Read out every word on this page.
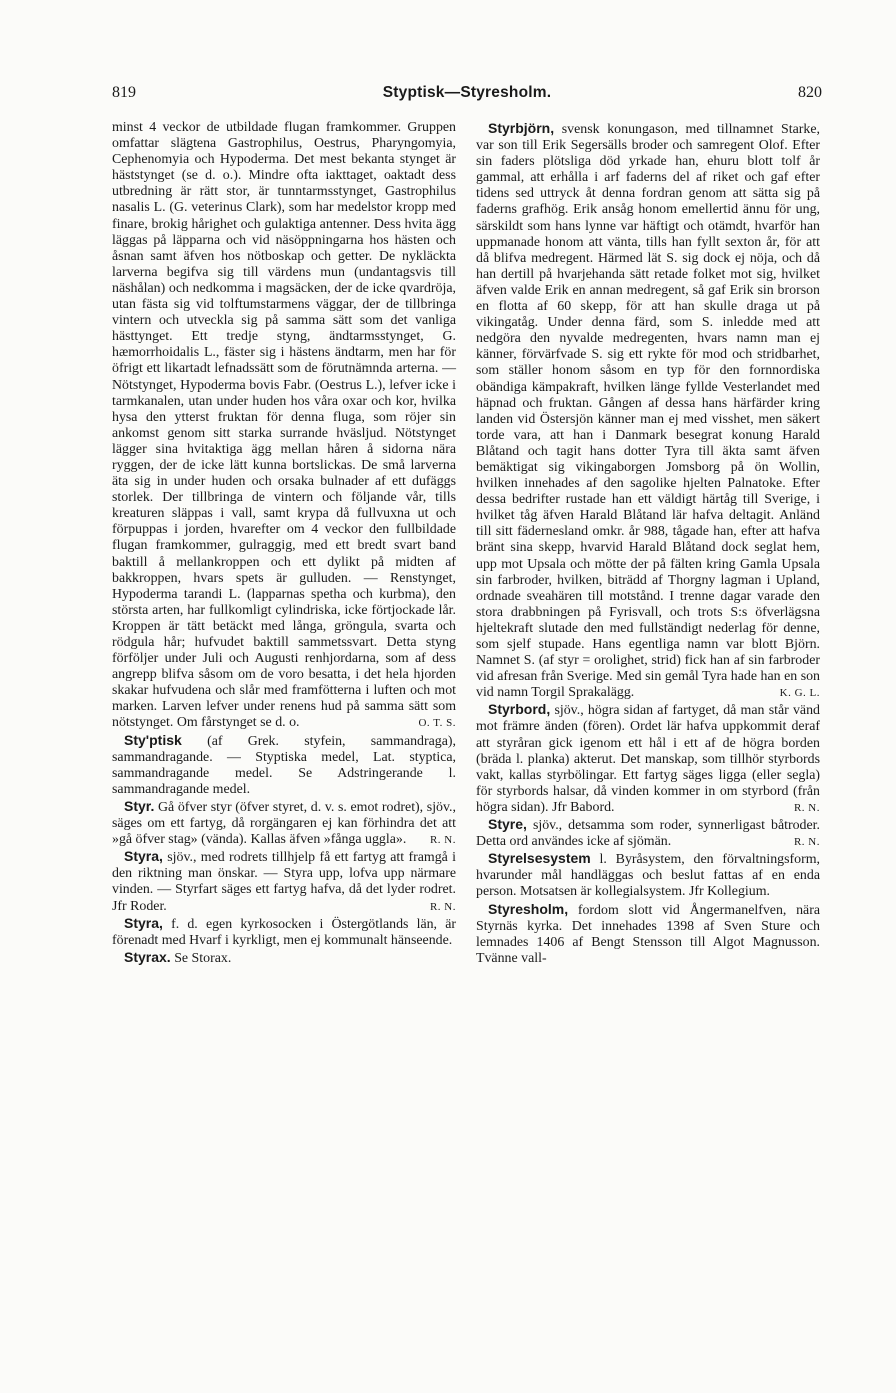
819	Styptisk—Styresholm.	820

minst 4 veckor de utbildade flugan framkommer. Gruppen omfattar slägtena Gastrophilus, Oestrus, Pharyngomyia, Cephenomyia och Hypoderma. Det mest bekanta stynget är häststynget (se d. o.). Mindre ofta iakttaget, oaktadt dess utbredning är rätt stor, är tunntarmsstynget, Gastrophilus nasalis L. (G. veterinus Clark), som har medelstor kropp med finare, brokig hårighet och gulaktiga antenner. Dess hvita ägg läggas på läpparna och vid näsöppningarna hos hästen och åsnan samt äfven hos nötboskap och getter. De nykläckta larverna begifva sig till värdens mun (undantagsvis till näshålan) och nedkomma i magsäcken, der de icke qvardröja, utan fästa sig vid tolftumstarmens väggar, der de tillbringa vintern och utveckla sig på samma sätt som det vanliga hästtynget. Ett tredje styng, ändtarmsstynget, G. hæmorrhoidalis L., fäster sig i hästens ändtarm, men har för öfrigt ett likartadt lefnadssätt som de förutnämnda arterna. — Nötstynget, Hypoderma bovis Fabr. (Oestrus L.), lefver icke i tarmkanalen, utan under huden hos våra oxar och kor, hvilka hysa den ytterst fruktan för denna fluga, som röjer sin ankomst genom sitt starka surrande hväsljud. Nötstynget lägger sina hvitaktiga ägg mellan håren å sidorna nära ryggen, der de icke lätt kunna bortslickas. De små larverna äta sig in under huden och orsaka bulnader af ett dufäggs storlek. Der tillbringa de vintern och följande vår, tills kreaturen släppas i vall, samt krypa då fullvuxna ut och förpuppas i jorden, hvarefter om 4 veckor den fullbildade flugan framkommer, gulraggig, med ett bredt svart band baktill å mellankroppen och ett dylikt på midten af bakkroppen, hvars spets är gulluden. — Renstynget, Hypoderma tarandi L. (lapparnas spetha och kurbma), den största arten, har fullkomligt cylindriska, icke förtjockade lår. Kroppen är tätt betäckt med långa, gröngula, svarta och rödgula hår; hufvudet baktill sammetssvart. Detta styng förföljer under Juli och Augusti renhjordarna, som af dess angrepp blifva såsom om de voro besatta, i det hela hjorden skakar hufvudena och slår med framfötterna i luften och mot marken. Larven lefver under renens hud på samma sätt som nötstynget. Om fårstynget se d. o.	O. T. S.

Sty'ptisk (af Grek. styfein, sammandraga), sammandragande. — Styptiska medel, Lat. styptica, sammandragande medel. Se Adstringerande l. sammandragande medel.

Styr. Gå öfver styr (öfver styret, d. v. s. emot rodret), sjöv., säges om ett fartyg, då rorgängaren ej kan förhindra det att »gå öfver stag» (vända). Kallas äfven »fånga uggla».	R. N.

Styra, sjöv., med rodrets tillhjelp få ett fartyg att framgå i den riktning man önskar. — Styra upp, lofva upp närmare vinden. — Styrfart säges ett fartyg hafva, då det lyder rodret. Jfr Roder.	R. N.

Styra, f. d. egen kyrkosocken i Östergötlands län, är förenadt med Hvarf i kyrkligt, men ej kommunalt hänseende.

Styrax. Se Storax.

Styrbjörn, svensk konungason, med tillnamnet Starke, var son till Erik Segersälls broder och samregent Olof. Efter sin faders plötsliga död yrkade han, ehuru blott tolf år gammal, att erhålla i arf faderns del af riket och gaf efter tidens sed uttryck åt denna fordran genom att sätta sig på faderns grafhög. Erik ansåg honom emellertid ännu för ung, särskildt som hans lynne var häftigt och otämdt, hvarför han uppmanade honom att vänta, tills han fyllt sexton år, för att då blifva medregent. Härmed lät S. sig dock ej nöja, och då han dertill på hvarjehanda sätt retade folket mot sig, hvilket äfven valde Erik en annan medregent, så gaf Erik sin brorson en flotta af 60 skepp, för att han skulle draga ut på vikingatåg. Under denna färd, som S. inledde med att nedgöra den nyvalde medregenten, hvars namn man ej känner, förvärfvade S. sig ett rykte för mod och stridbarhet, som ställer honom såsom en typ för den fornnordiska obändiga kämpakraft, hvilken länge fyllde Vesterlandet med häpnad och fruktan. Gången af dessa hans härfärder kring landen vid Östersjön känner man ej med visshet, men säkert torde vara, att han i Danmark besegrat konung Harald Blåtand och tagit hans dotter Tyra till äkta samt äfven bemäktigat sig vikingaborgen Jomsborg på ön Wollin, hvilken innehades af den sagolike hjelten Palnatoke. Efter dessa bedrifter rustade han ett väldigt härtåg till Sverige, i hvilket tåg äfven Harald Blåtand lär hafva deltagit. Anländ till sitt fädernesland omkr. år 988, tågade han, efter att hafva bränt sina skepp, hvarvid Harald Blåtand dock seglat hem, upp mot Upsala och mötte der på fälten kring Gamla Upsala sin farbroder, hvilken, biträdd af Thorgny lagman i Upland, ordnade sveahären till motstånd. I trenne dagar varade den stora drabbningen på Fyrisvall, och trots S:s öfverlägsna hjeltekraft slutade den med fullständigt nederlag för denne, som sjelf stupade. Hans egentliga namn var blott Björn. Namnet S. (af styr = orolighet, strid) fick han af sin farbroder vid afresan från Sverige. Med sin gemål Tyra hade han en son vid namn Torgil Sprakalägg.	K. G. L.

Styrbord, sjöv., högra sidan af fartyget, då man står vänd mot främre änden (fören). Ordet lär hafva uppkommit deraf att styråran gick igenom ett hål i ett af de högra borden (bräda l. planka) akterut. Det manskap, som tillhör styrbords vakt, kallas styrbölingar. Ett fartyg säges ligga (eller segla) för styrbords halsar, då vinden kommer in om styrbord (från högra sidan). Jfr Babord.	R. N.

Styre, sjöv., detsamma som roder, synnerligast båtroder. Detta ord användes icke af sjömän.	R. N.

Styrelsesystem l. Byråsystem, den förvaltningsform, hvarunder mål handläggas och beslut fattas af en enda person. Motsatsen är kollegialsystem. Jfr Kollegium.

Styresholm, fordom slott vid Ångermanelfven, nära Styrnäs kyrka. Det innehades 1398 af Sven Sture och lemnades 1406 af Bengt Stensson till Algot Magnusson. Tvänne vall-
